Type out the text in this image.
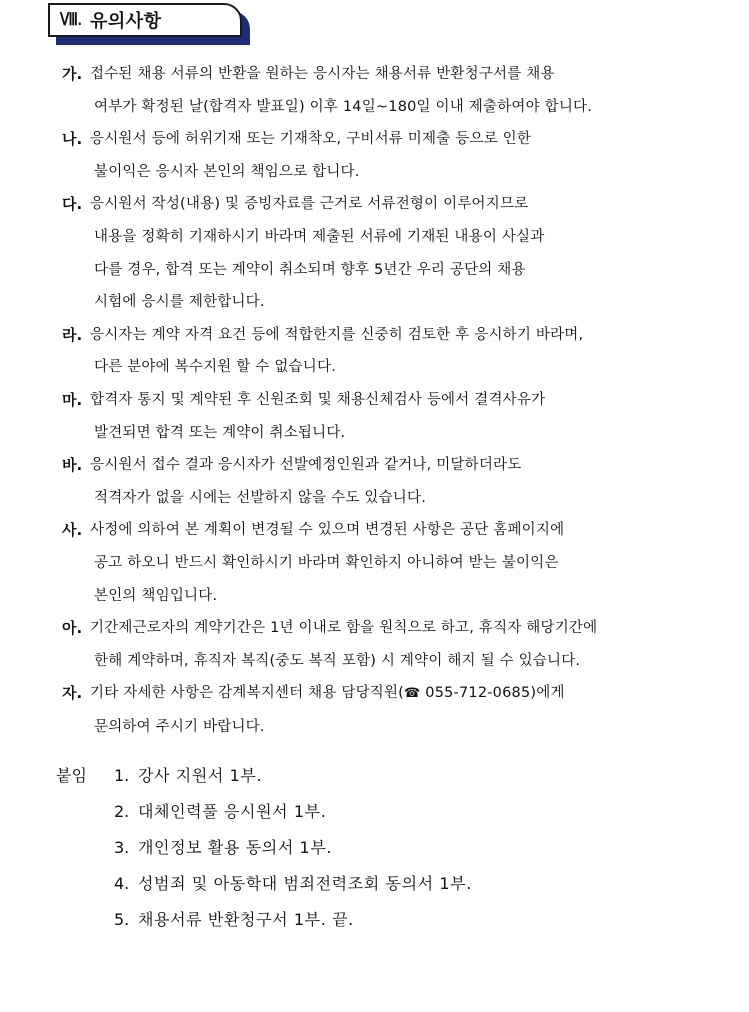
Ⅷ. 유의사항
가. 접수된 채용 서류의 반환을 원하는 응시자는 채용서류 반환청구서를 채용
여부가 확정된 날(합격자 발표일) 이후 14일~180일 이내 제출하여야 합니다.
나. 응시원서 등에 허위기재 또는 기재착오, 구비서류 미제출 등으로 인한
불이익은 응시자 본인의 책임으로 합니다.
다. 응시원서 작성(내용) 및 증빙자료를 근거로 서류전형이 이루어지므로
내용을 정확히 기재하시기 바라며 제출된 서류에 기재된 내용이 사실과
다를 경우, 합격 또는 계약이 취소되며 향후 5년간 우리 공단의 채용
시험에 응시를 제한합니다.
라. 응시자는 계약 자격 요건 등에 적합한지를 신중히 검토한 후 응시하기 바라며,
다른 분야에 복수지원 할 수 없습니다.
마. 합격자 통지 및 계약된 후 신원조회 및 채용신체검사 등에서 결격사유가
발견되면 합격 또는 계약이 취소됩니다.
바. 응시원서 접수 결과 응시자가 선발예정인원과 같거나, 미달하더라도
적격자가 없을 시에는 선발하지 않을 수도 있습니다.
사. 사정에 의하여 본 계획이 변경될 수 있으며 변경된 사항은 공단 홈페이지에
공고 하오니 반드시 확인하시기 바라며 확인하지 아니하여 받는 불이익은
본인의 책임입니다.
아. 기간제근로자의 계약기간은 1년 이내로 함을 원칙으로 하고, 휴직자 해당기간에
한해 계약하며, 휴직자 복직(중도 복직 포함) 시 계약이 해지 될 수 있습니다.
자. 기타 자세한 사항은 감계복지센터 채용 담당직원(☎ 055-712-0685)에게
문의하여 주시기 바랍니다.
붙임	1. 강사 지원서 1부.
2. 대체인력풀 응시원서 1부.
3. 개인정보 활용 동의서 1부.
4. 성범죄 및 아동학대 범죄전력조회 동의서 1부.
5. 채용서류 반환청구서 1부. 끝.
